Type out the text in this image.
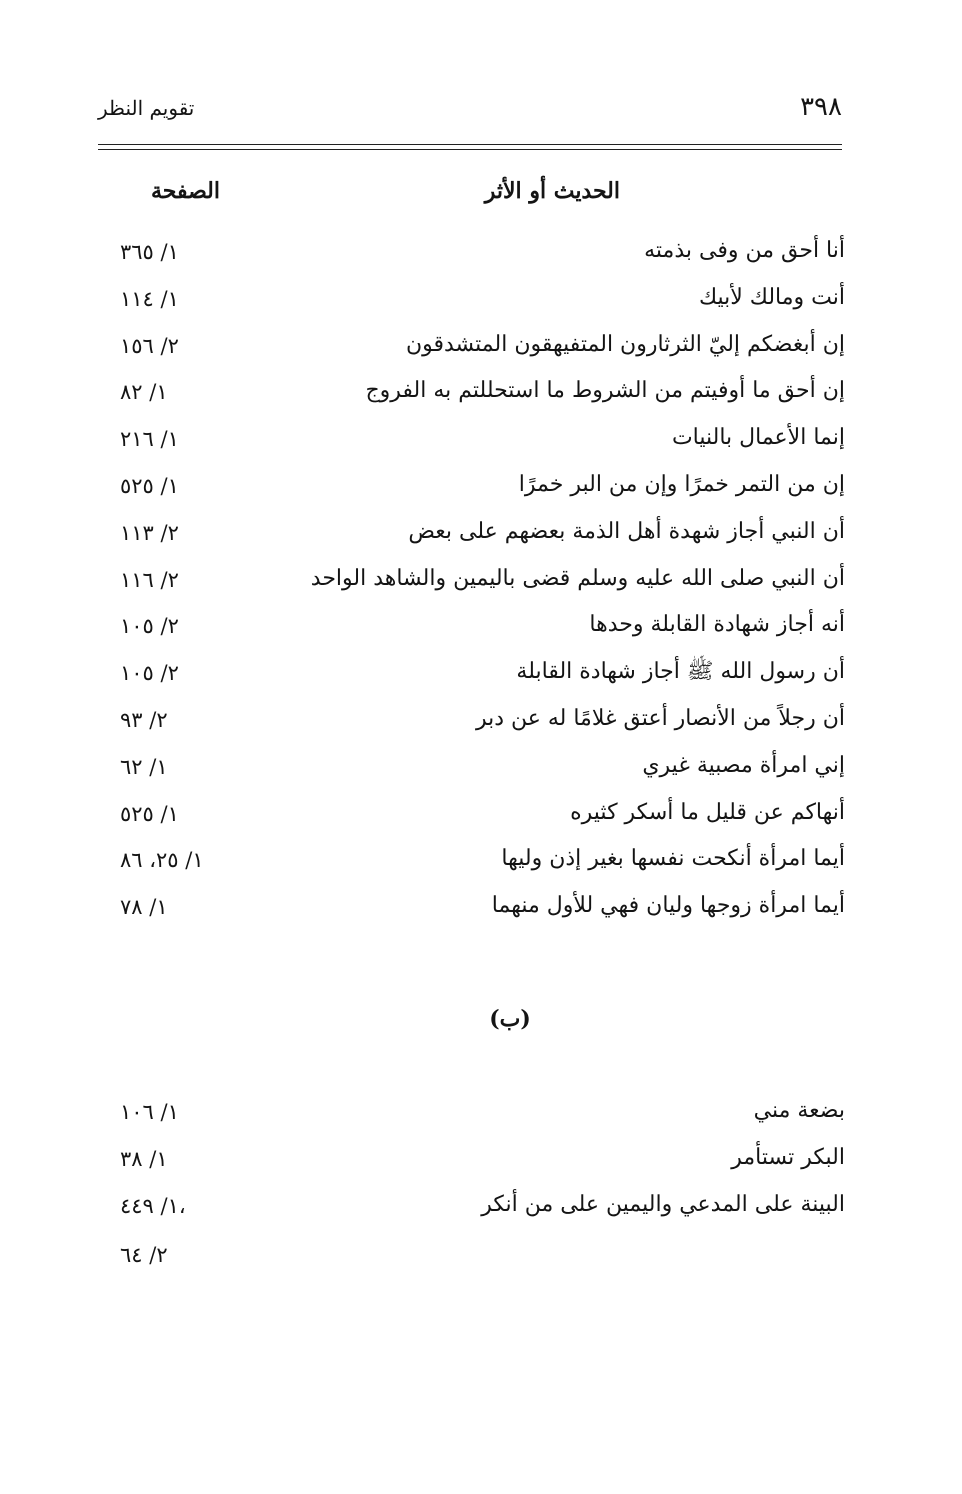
٣٩٨
تقويم النظر
الحديث أو الأثر
الصفحة
أنا أحق من وفى بذمته
١/ ٣٦٥
أنت ومالك لأبيك
١/ ١١٤
إن أبغضكم إليّ الثرثارون المتفيهقون المتشدقون
٢/ ١٥٦
إن أحق ما أوفيتم من الشروط ما استحللتم به الفروج
١/ ٨٢
إنما الأعمال بالنيات
١/ ٢١٦
إن من التمر خمرًا وإن من البر خمرًا
١/ ٥٢٥
أن النبي أجاز شهدة أهل الذمة بعضهم على بعض
٢/ ١١٣
أن النبي صلى الله عليه وسلم قضى باليمين والشاهد الواحد
٢/ ١١٦
أنه أجاز شهادة القابلة وحدها
٢/ ١٠٥
أن رسول الله ﷺ أجاز شهادة القابلة
٢/ ١٠٥
أن رجلاً من الأنصار أعتق غلامًا له عن دبر
٢/ ٩٣
إني امرأة مصبية غيري
١/ ٦٢
أنهاكم عن قليل ما أسكر كثيره
١/ ٥٢٥
أيما امرأة أنكحت نفسها بغير إذن وليها
١/ ٢٥، ٨٦
أيما امرأة زوجها وليان فهي للأول منهما
١/ ٧٨
(ب)
بضعة مني
١/ ١٠٦
البكر تستأمر
١/ ٣٨
البينة على المدعي واليمين على من أنكر
١/ ٤٤٩،
٢/ ٦٤
